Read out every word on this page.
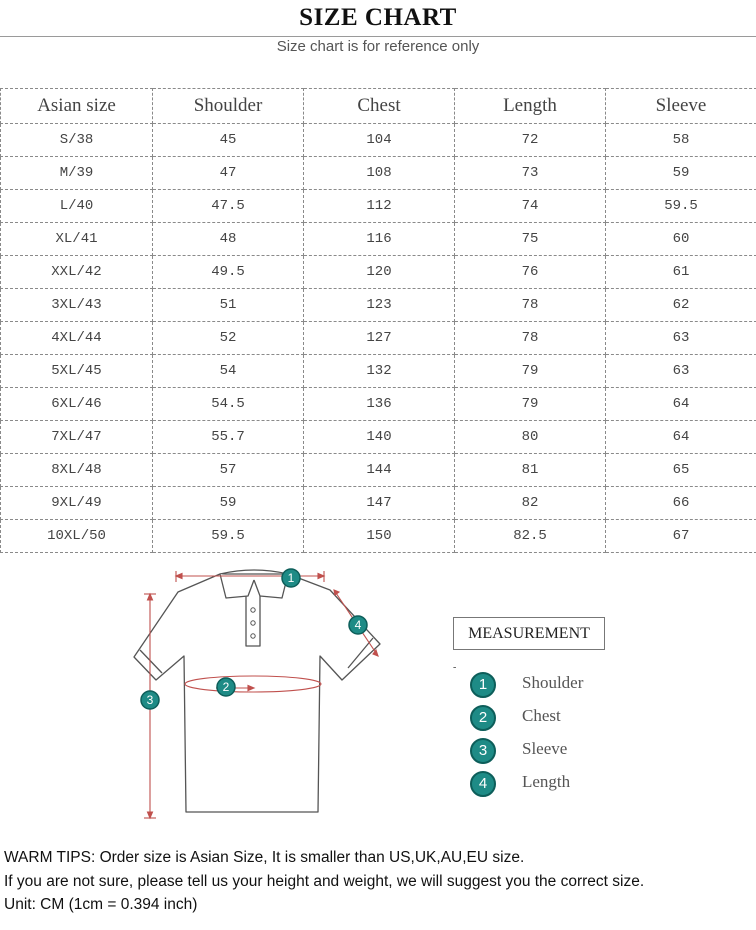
SIZE CHART
Size chart is for reference only
Asian size	Shoulder	Chest	Length	Sleeve
S/38	45	104	72	58
M/39	47	108	73	59
L/40	47.5	112	74	59.5
XL/41	48	116	75	60
XXL/42	49.5	120	76	61
3XL/43	51	123	78	62
4XL/44	52	127	78	63
5XL/45	54	132	79	63
6XL/46	54.5	136	79	64
7XL/47	55.7	140	80	64
8XL/48	57	144	81	65
9XL/49	59	147	82	66
10XL/50	59.5	150	82.5	67
1
2
3
4	MEASUREMENT
-
1	Shoulder
2	Chest
3	Sleeve
4	Length
WARM TIPS: Order size is Asian Size, It is smaller than US,UK,AU,EU size.
If you are not sure, please tell us your height and weight, we will suggest you the correct size.
Unit: CM (1cm = 0.394 inch)
